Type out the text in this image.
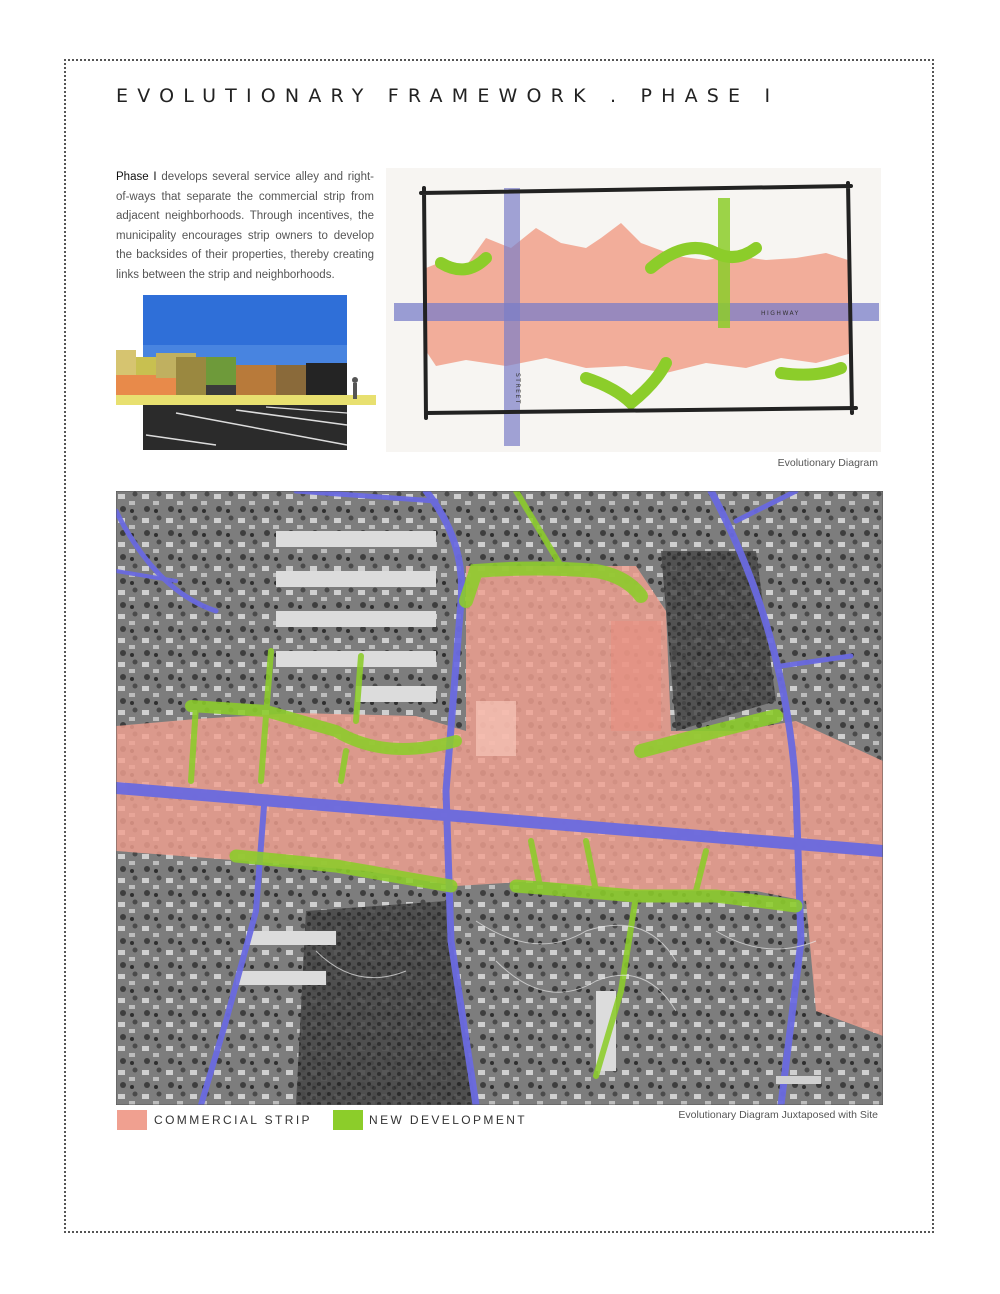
EVOLUTIONARY FRAMEWORK . PHASE I

Phase I develops several service alley and right-of-ways that separate the commercial strip from adjacent neighborhoods. Through incentives, the municipality encourages strip owners to develop the backsides of their properties, thereby creating links between the strip and neighborhoods.

HIGHWAY
STREET
Evolutionary Diagram
COMMERCIAL STRIP	NEW DEVELOPMENT	Evolutionary Diagram Juxtaposed with Site
